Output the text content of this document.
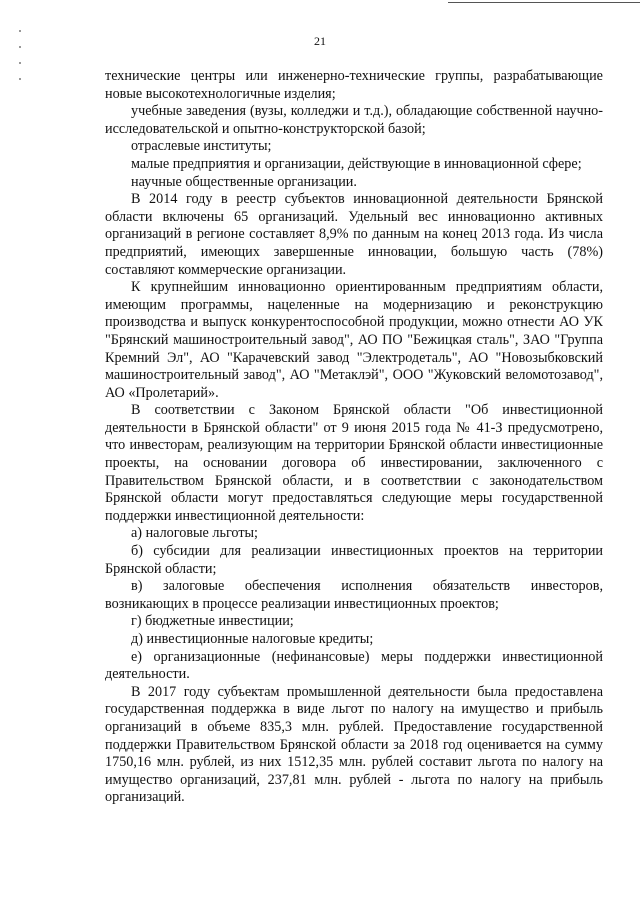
21

технические центры или инженерно-технические группы, разрабатывающие новые высокотехнологичные изделия;

учебные заведения (вузы, колледжи и т.д.), обладающие собственной научно-исследовательской и опытно-конструкторской базой;

отраслевые институты;

малые предприятия и организации, действующие в инновационной сфере;

научные общественные организации.

В 2014 году в реестр субъектов инновационной деятельности Брянской области включены 65 организаций. Удельный вес инновационно активных организаций в регионе составляет 8,9% по данным на конец 2013 года. Из числа предприятий, имеющих завершенные инновации, большую часть (78%) составляют коммерческие организации.

К крупнейшим инновационно ориентированным предприятиям области, имеющим программы, нацеленные на модернизацию и реконструкцию производства и выпуск конкурентоспособной продукции, можно отнести АО УК "Брянский машиностроительный завод", АО ПО "Бежицкая сталь", ЗАО "Группа Кремний Эл", АО "Карачевский завод "Электродеталь", АО "Новозыбковский машиностроительный завод", АО "Метаклэй", ООО "Жуковский веломотозавод", АО «Пролетарий».

В соответствии с Законом Брянской области "Об инвестиционной деятельности в Брянской области" от 9 июня 2015 года № 41-З предусмотрено, что инвесторам, реализующим на территории Брянской области инвестиционные проекты, на основании договора об инвестировании, заключенного с Правительством Брянской области, и в соответствии с законодательством Брянской области могут предоставляться следующие меры государственной поддержки инвестиционной деятельности:

а) налоговые льготы;

б) субсидии для реализации инвестиционных проектов на территории Брянской области;

в) залоговые обеспечения исполнения обязательств инвесторов, возникающих в процессе реализации инвестиционных проектов;

г) бюджетные инвестиции;

д) инвестиционные налоговые кредиты;

е) организационные (нефинансовые) меры поддержки инвестиционной деятельности.

В 2017 году субъектам промышленной деятельности была предоставлена государственная поддержка в виде льгот по налогу на имущество и прибыль организаций в объеме 835,3 млн. рублей. Предоставление государственной поддержки Правительством Брянской области за 2018 год оценивается на сумму 1750,16 млн. рублей, из них 1512,35 млн. рублей составит льгота по налогу на имущество организаций, 237,81 млн. рублей - льгота по налогу на прибыль организаций.
